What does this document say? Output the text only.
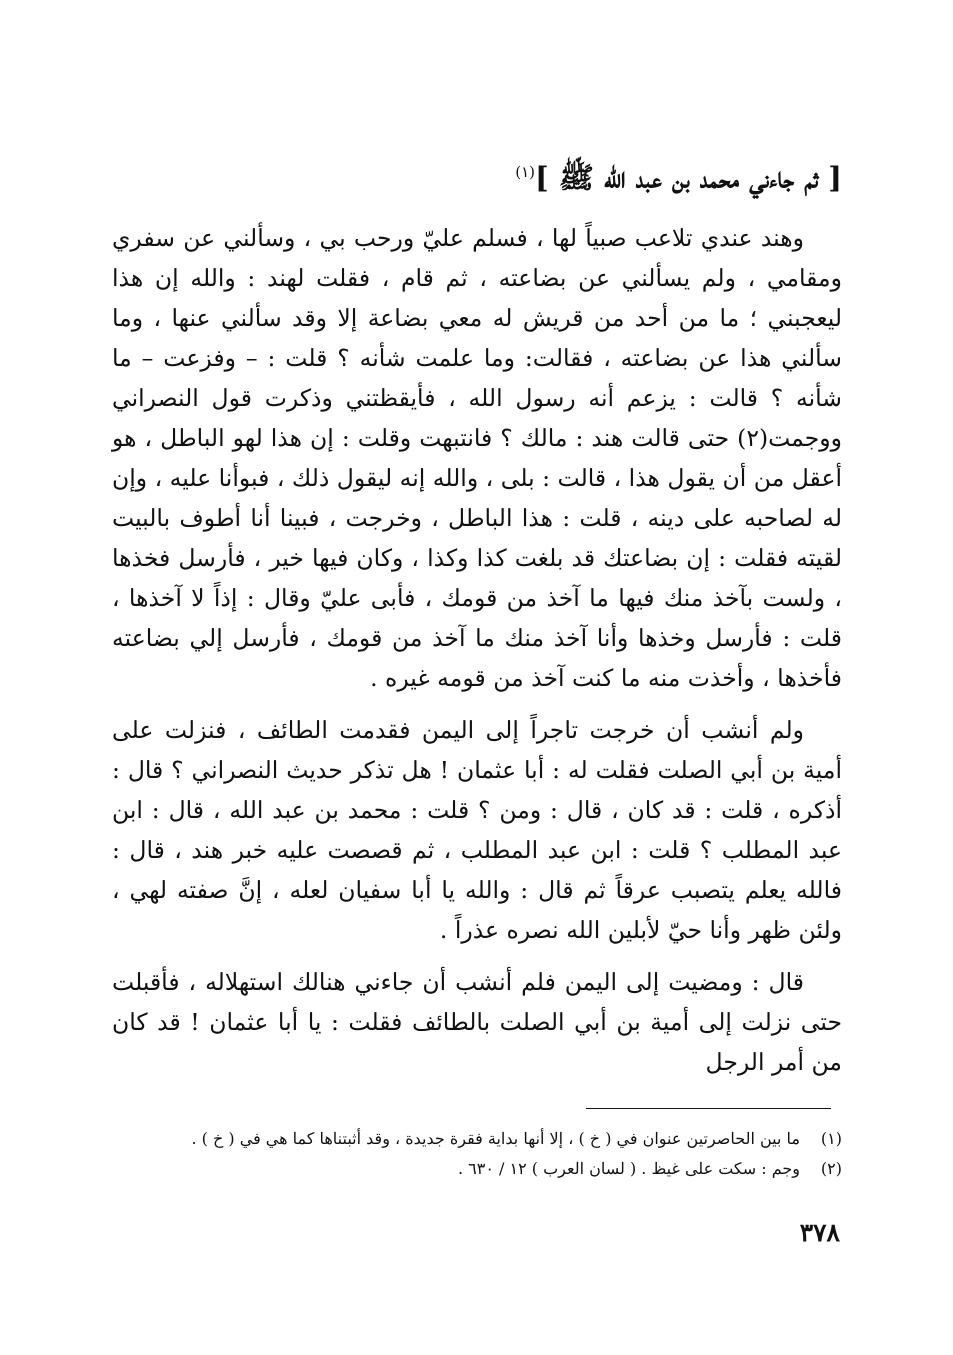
[ ثم جاءني محمد بن عبد الله ﷺ ]$^{(١)}$

وهند عندي تلاعب صبياً لها ، فسلم عليّ ورحب بي ، وسألني عن سفري ومقامي ، ولم يسألني عن بضاعته ، ثم قام ، فقلت لهند : والله إن هذا ليعجبني ؛ ما من أحد من قريش له معي بضاعة إلا وقد سألني عنها ، وما سألني هذا عن بضاعته ، فقالت: وما علمت شأنه ؟ قلت : – وفزعت – ما شأنه ؟ قالت : يزعم أنه رسول الله ، فأيقظتني وذكرت قول النصراني ووجمت(٢) حتى قالت هند : مالك ؟ فانتبهت وقلت : إن هذا لهو الباطل ، هو أعقل من أن يقول هذا ، قالت : بلى ، والله إنه ليقول ذلك ، فبوأنا عليه ، وإن له لصاحبه على دينه ، قلت : هذا الباطل ، وخرجت ، فبينا أنا أطوف بالبيت لقيته فقلت : إن بضاعتك قد بلغت كذا وكذا ، وكان فيها خير ، فأرسل فخذها ، ولست بآخذ منك فيها ما آخذ من قومك ، فأبى عليّ وقال : إذاً لا آخذها ، قلت : فأرسل وخذها وأنا آخذ منك ما آخذ من قومك ، فأرسل إلي بضاعته فأخذها ، وأخذت منه ما كنت آخذ من قومه غيره .

ولم أنشب أن خرجت تاجراً إلى اليمن فقدمت الطائف ، فنزلت على أمية بن أبي الصلت فقلت له : أبا عثمان ! هل تذكر حديث النصراني ؟ قال : أذكره ، قلت : قد كان ، قال : ومن ؟ قلت : محمد بن عبد الله ، قال : ابن عبد المطلب ؟ قلت : ابن عبد المطلب ، ثم قصصت عليه خبر هند ، قال : فالله يعلم يتصبب عرقاً ثم قال : والله يا أبا سفيان لعله ، إنَّ صفته لهي ، ولئن ظهر وأنا حيّ لأبلين الله نصره عذراً .

قال : ومضيت إلى اليمن فلم أنشب أن جاءني هنالك استهلاله ، فأقبلت حتى نزلت إلى أمية بن أبي الصلت بالطائف فقلت : يا أبا عثمان ! قد كان من أمر الرجل

(١)ما بين الحاصرتين عنوان في ( خ ) ، إلا أنها بداية فقرة جديدة ، وقد أثبتناها كما هي في ( خ ) .
(٢)وجم : سكت على غيظ . ( لسان العرب ) ١٢ / ٦٣٠ .
٣٧٨
